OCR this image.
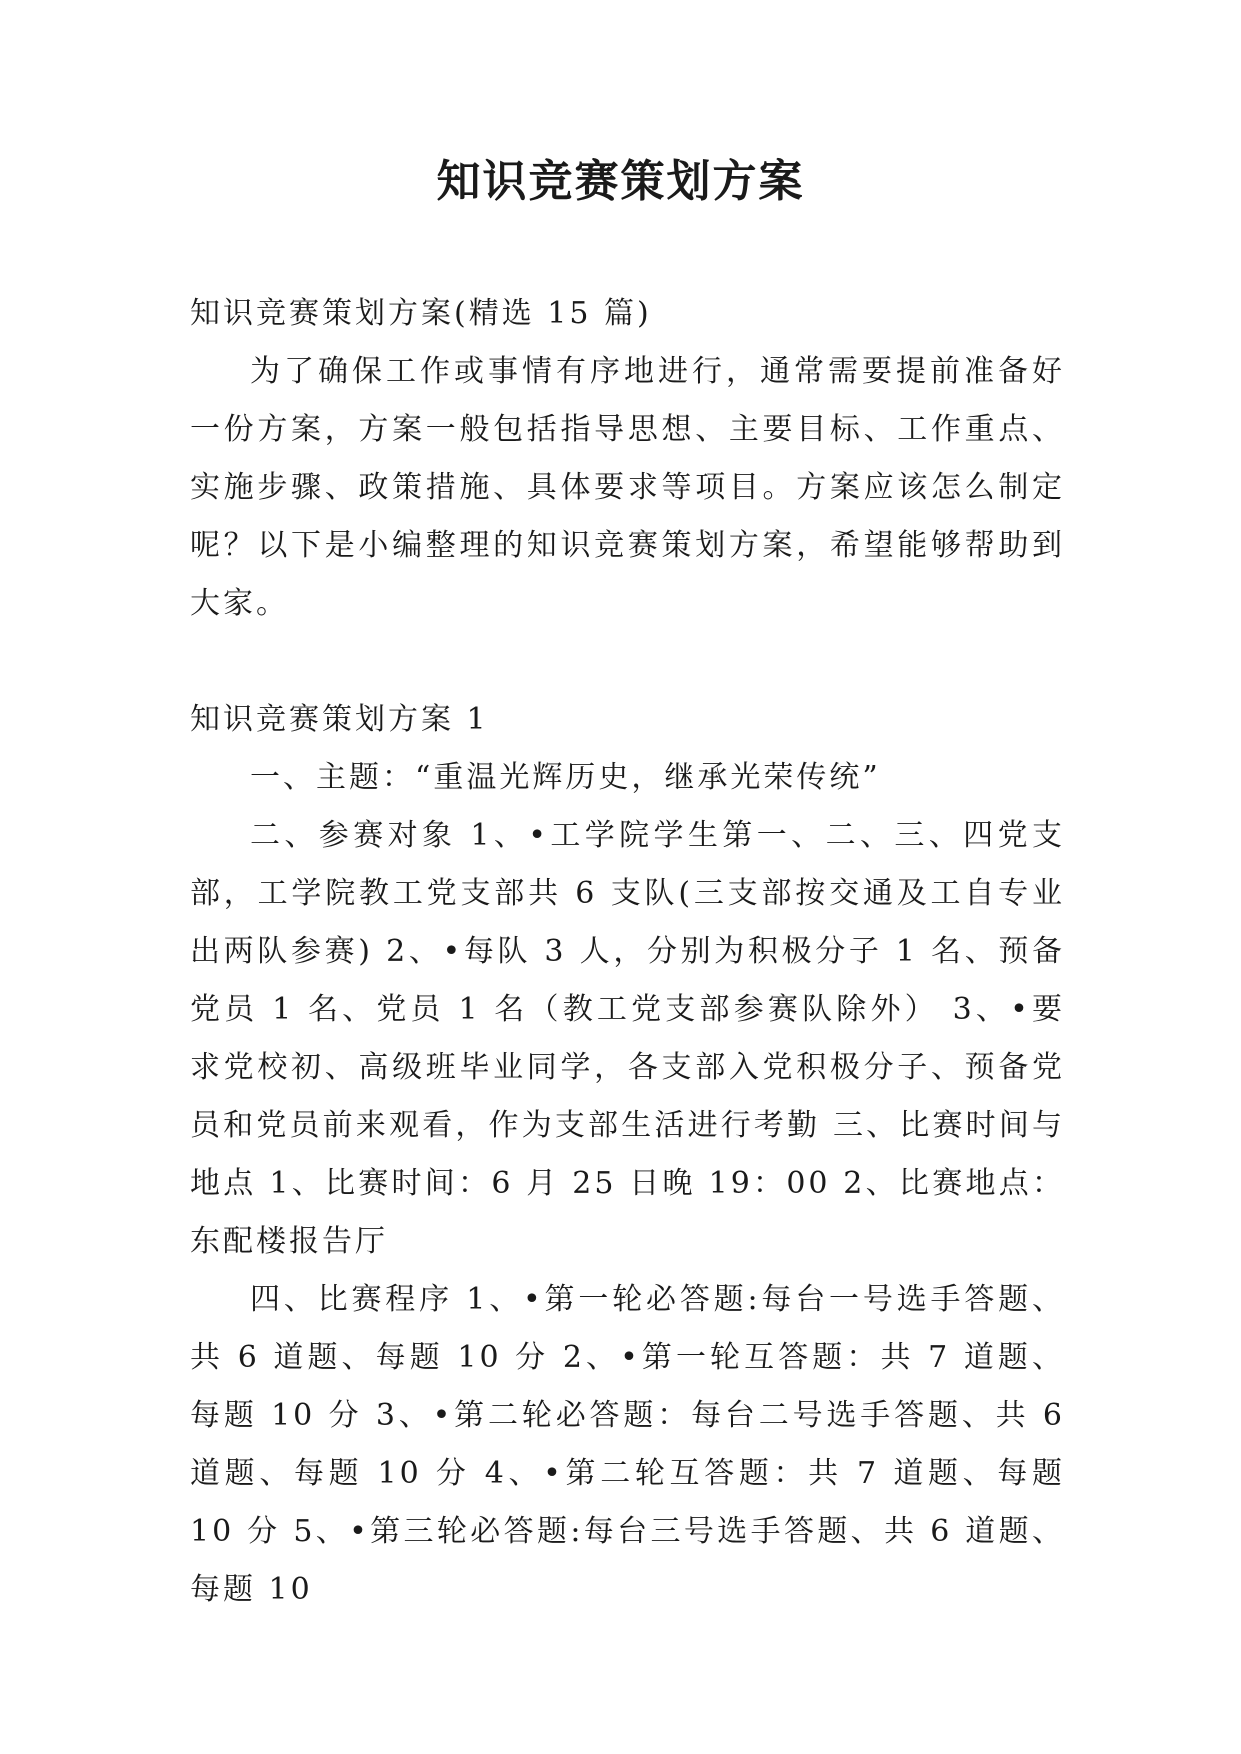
知识竞赛策划方案

知识竞赛策划方案(精选 15 篇)

为了确保工作或事情有序地进行，通常需要提前准备好一份方案，方案一般包括指导思想、主要目标、工作重点、实施步骤、政策措施、具体要求等项目。方案应该怎么制定呢？以下是小编整理的知识竞赛策划方案，希望能够帮助到大家。

知识竞赛策划方案 1

一、主题：“重温光辉历史，继承光荣传统”

二、参赛对象 1、•工学院学生第一、二、三、四党支部，工学院教工党支部共 6 支队(三支部按交通及工自专业出两队参赛) 2、•每队 3 人，分别为积极分子 1 名、预备党员 1 名、党员 1 名（教工党支部参赛队除外） 3、•要求党校初、高级班毕业同学，各支部入党积极分子、预备党员和党员前来观看，作为支部生活进行考勤 三、比赛时间与地点 1、比赛时间：6 月 25 日晚 19：00 2、比赛地点：东配楼报告厅

四、比赛程序 1、•第一轮必答题:每台一号选手答题、共 6 道题、每题 10 分 2、•第一轮互答题：共 7 道题、每题 10 分 3、•第二轮必答题：每台二号选手答题、共 6 道题、每题 10 分 4、•第二轮互答题：共 7 道题、每题 10 分 5、•第三轮必答题:每台三号选手答题、共 6 道题、每题 10
